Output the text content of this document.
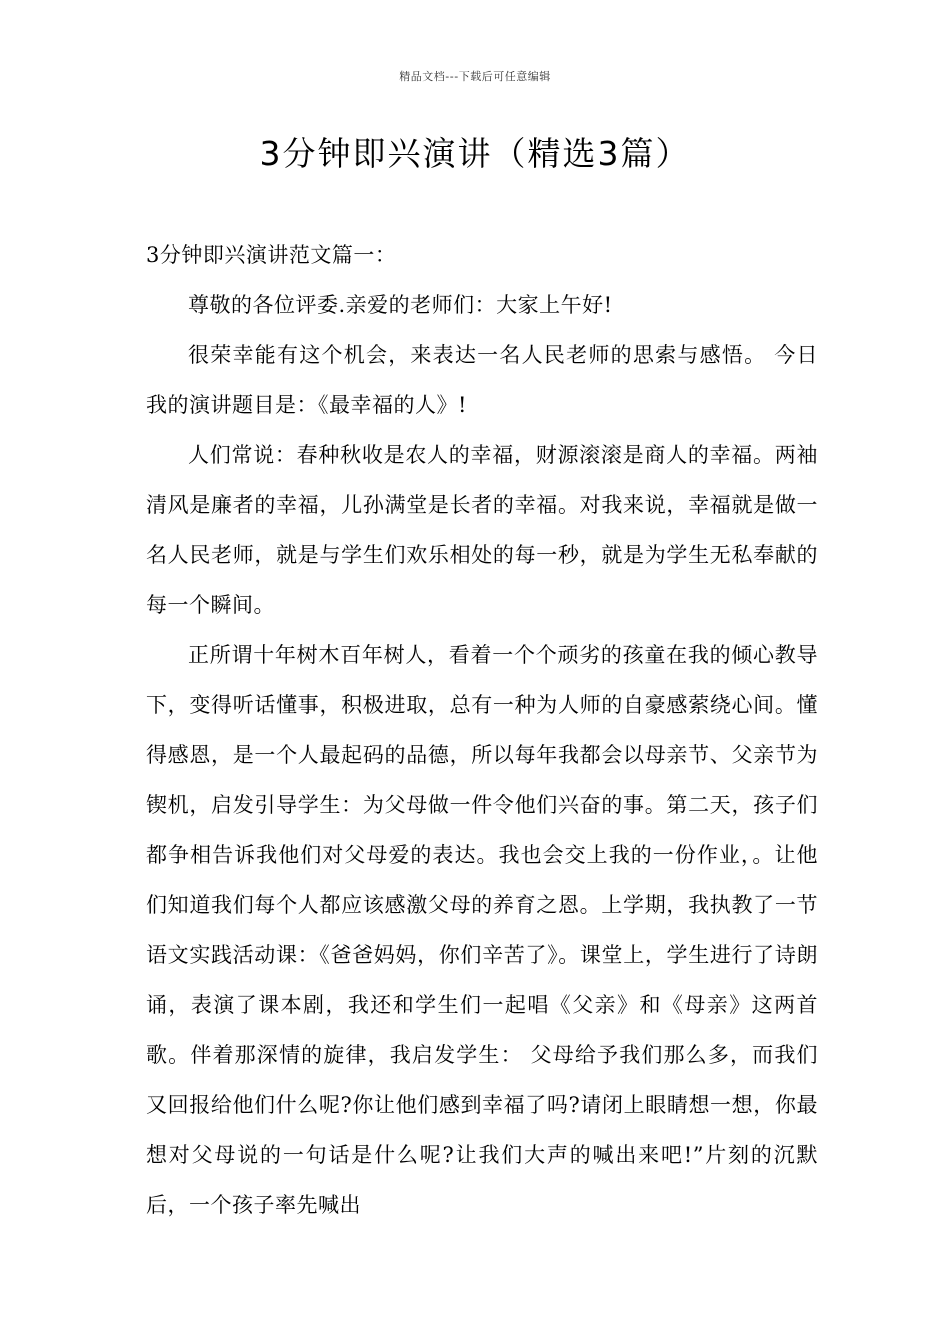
精品文档---下载后可任意编辑
3分钟即兴演讲（精选3篇）

3分钟即兴演讲范文篇一：

尊敬的各位评委.亲爱的老师们：大家上午好!

很荣幸能有这个机会，来表达一名人民老师的思索与感悟。 今日我的演讲题目是：《最幸福的人》!

人们常说：春种秋收是农人的幸福，财源滚滚是商人的幸福。两袖清风是廉者的幸福，儿孙满堂是长者的幸福。对我来说，幸福就是做一名人民老师，就是与学生们欢乐相处的每一秒，就是为学生无私奉献的每一个瞬间。

正所谓十年树木百年树人，看着一个个顽劣的孩童在我的倾心教导下，变得听话懂事，积极进取，总有一种为人师的自豪感萦绕心间。懂得感恩，是一个人最起码的品德，所以每年我都会以母亲节、父亲节为锲机，启发引导学生：为父母做一件令他们兴奋的事。第二天，孩子们都争相告诉我他们对父母爱的表达。我也会交上我的一份作业，。让他们知道我们每个人都应该感激父母的养育之恩。上学期，我执教了一节语文实践活动课：《爸爸妈妈，你们辛苦了》。课堂上，学生进行了诗朗诵，表演了课本剧，我还和学生们一起唱《父亲》和《母亲》这两首歌。伴着那深情的旋律，我启发学生： 父母给予我们那么多，而我们又回报给他们什么呢?你让他们感到幸福了吗?请闭上眼睛想一想，你最想对父母说的一句话是什么呢?让我们大声的喊出来吧!”片刻的沉默后，一个孩子率先喊出
